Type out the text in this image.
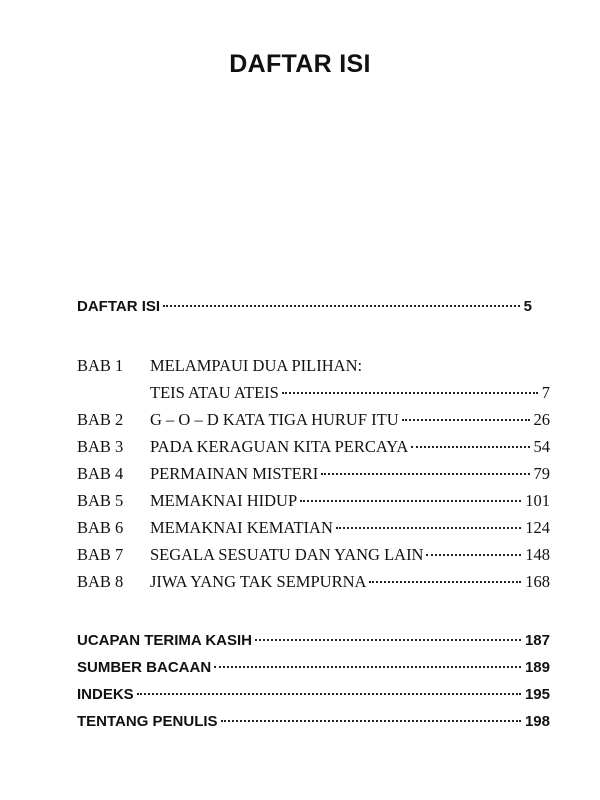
DAFTAR ISI
DAFTAR ISI	5
BAB 1 MELAMPAUI DUA PILIHAN:
TEIS ATAU ATEIS	7
BAB 2 G – O – D KATA TIGA HURUF ITU	26
BAB 3 PADA KERAGUAN KITA PERCAYA	54
BAB 4 PERMAINAN MISTERI	79
BAB 5 MEMAKNAI HIDUP	101
BAB 6 MEMAKNAI KEMATIAN	124
BAB 7 SEGALA SESUATU DAN YANG LAIN	148
BAB 8 JIWA YANG TAK SEMPURNA	168
UCAPAN TERIMA KASIH	187
SUMBER BACAAN	189
INDEKS	195
TENTANG PENULIS	198
